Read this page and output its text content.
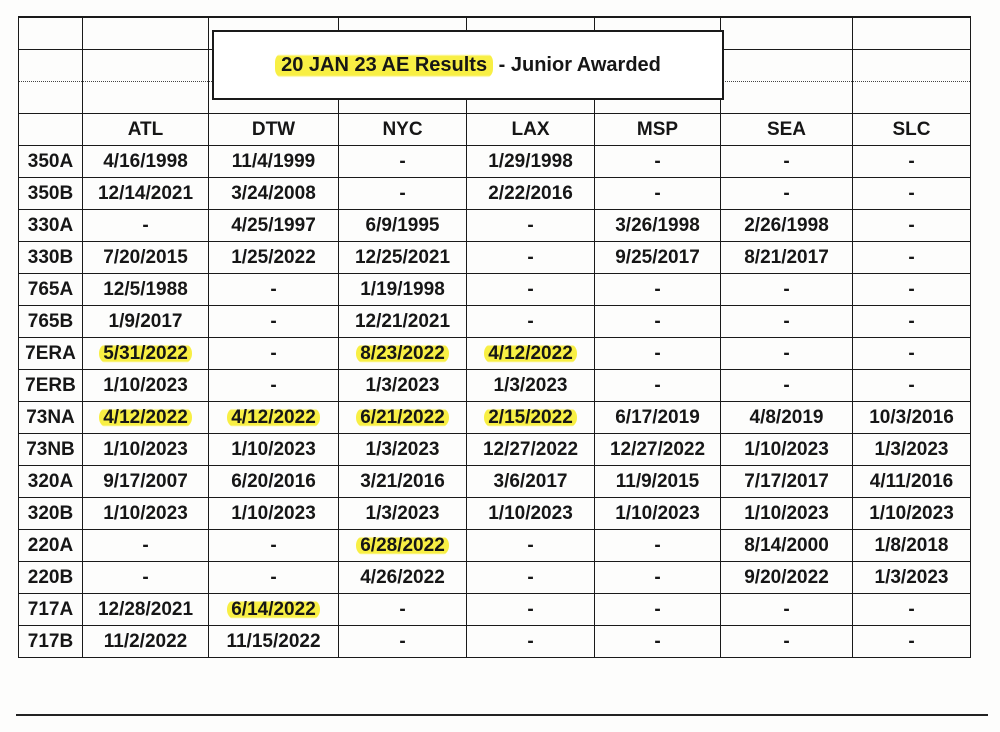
	ATL	DTW	NYC	LAX	MSP	SEA	SLC
350A	4/16/1998	11/4/1999	-	1/29/1998	-	-	-
350B	12/14/2021	3/24/2008	-	2/22/2016	-	-	-
330A	-	4/25/1997	6/9/1995	-	3/26/1998	2/26/1998	-
330B	7/20/2015	1/25/2022	12/25/2021	-	9/25/2017	8/21/2017	-
765A	12/5/1988	-	1/19/1998	-	-	-	-
765B	1/9/2017	-	12/21/2021	-	-	-	-
7ERA	5/31/2022	-	8/23/2022	4/12/2022	-	-	-
7ERB	1/10/2023	-	1/3/2023	1/3/2023	-	-	-
73NA	4/12/2022	4/12/2022	6/21/2022	2/15/2022	6/17/2019	4/8/2019	10/3/2016
73NB	1/10/2023	1/10/2023	1/3/2023	12/27/2022	12/27/2022	1/10/2023	1/3/2023
320A	9/17/2007	6/20/2016	3/21/2016	3/6/2017	11/9/2015	7/17/2017	4/11/2016
320B	1/10/2023	1/10/2023	1/3/2023	1/10/2023	1/10/2023	1/10/2023	1/10/2023
220A	-	-	6/28/2022	-	-	8/14/2000	1/8/2018
220B	-	-	4/26/2022	-	-	9/20/2022	1/3/2023
717A	12/28/2021	6/14/2022	-	-	-	-	-
717B	11/2/2022	11/15/2022	-	-	-	-	-
20 JAN 23 AE Results - Junior Awarded
